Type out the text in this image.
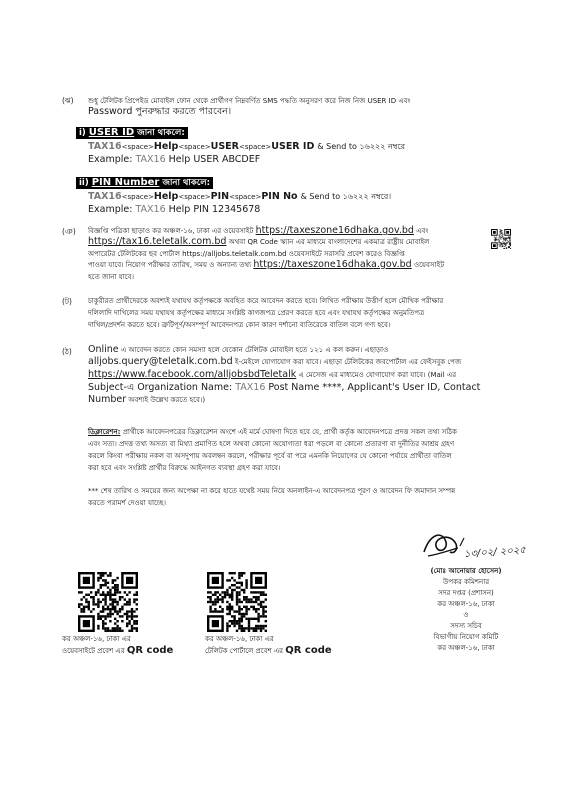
(ঝ) শুধু টেলিটক প্রিপেইড মোবাইল ফোন থেকে প্রার্থীগণ নিম্নবর্ণিত SMS পদ্ধতি অনুসরণ করে নিজ নিজ USER ID এবং
Password পুনরুদ্ধার করতে পারবেন।
i) USER ID জানা থাকলে:
TAX16<space>Help<space>USER<space>USER ID & Send to ১৬২২২ নম্বরে
Example: TAX16 Help USER ABCDEF
ii) PIN Number জানা থাকলে:
TAX16<space>Help<space>PIN<space>PIN No & Send to ১৬২২২ নম্বরে।
Example: TAX16 Help PIN 12345678
(ঞ) বিজ্ঞপ্তি পত্রিকা ছাড়াও কর অঞ্চল-১৬, ঢাকা এর ওয়েবসাইট https://taxeszone16dhaka.gov.bd এবং
https://tax16.teletalk.com.bd অথবা QR Code স্ক্যান এর মাধ্যমে বাংলাদেশের একমাত্র রাষ্ট্রীয় মোবাইল
অপারেটর টেলিটকের ছব পোর্টাল https://alljobs.teletalk.com.bd ওয়েবসাইটে সরাসরি প্রবেশ করেও বিজ্ঞপ্তি
পাওয়া যাবে। নিয়োগ পরীক্ষার তারিখ, সময় ও অন্যান্য তথ্য https://taxeszone16dhaka.gov.bd ওয়েবসাইট
হতে জানা যাবে।
(ট) চাকুরীরত প্রার্থীদেরকে অবশ্যই যথাযথ কর্তৃপক্ষকে অবহিত করে আবেদন করতে হবে। লিখিত পরীক্ষায় উত্তীর্ণ হলে মৌখিক পরীক্ষার
দলিলাদি দাখিলের সময় যথাযথ কর্তৃপক্ষের মাধ্যমে সংশ্লিষ্ট কাগজপত্র প্রেরণ করতে হবে এবং যথাযথ কর্তৃপক্ষের অনুমতিপত্র
দাখিল/প্রদর্শন করতে হবে। ত্রুটিপূর্ণ/অসম্পূর্ণ আবেদনপত্র কোন কারণ দর্শানো ব্যতিরেকে বাতিল বলে গণ্য হবে।
(ঠ) Online এ আবেদন করতে কোন সমস্যা হলে যেকোন টেলিটক মোবাইল হতে ১২১ এ কল করুন। এছাড়াও
alljobs.query@teletalk.com.bd ই-মেইলে যোগাযোগ করা যাবে। এছাড়া টেলিটকের জবপোর্টাল এর ফেইসবুক পেজ
https://www.facebook.com/alljobsbdTeletalk এ মেসেজ এর মাধ্যমেও যোগাযোগ করা যাবে। (Mail এর
Subject-এ Organization Name: TAX16 Post Name ****, Applicant's User ID, Contact
Number অবশ্যই উল্লেখ করতে হবে।)
ডিক্লারেশন: প্রার্থীকে আবেদনপত্রের ডিক্লারেশন অংশে এই মর্মে ঘোষণা দিতে হবে যে, প্রার্থী কর্তৃক আবেদনপত্রে প্রদত্ত সকল তথ্য সঠিক
এবং সত্য। প্রদত্ত তথ্য অসত্য বা মিথ্যা প্রমাণিত হলে অথবা কোনো অযোগ্যতা ধরা পড়লে বা কোনো প্রতারণা বা দুর্নীতির আশ্রয় গ্রহণ
করলে কিংবা পরীক্ষায় নকল বা অসদুপায় অবলম্বন করলে, পরীক্ষার পূর্বে বা পরে এমনকি নিয়োগের যে কোনো পর্যায়ে প্রার্থীতা বাতিল
করা হবে এবং সংশ্লিষ্ট প্রার্থীর বিরুদ্ধে আইনগত ব্যবস্থা গ্রহণ করা যাবে।
*** শেষ তারিখ ও সময়ের জন্য অপেক্ষা না করে হাতে যথেষ্ট সময় নিয়ে অনলাইন-এ আবেদনপত্র পূরণ ও আবেদন ফি জমাদান সম্পন্ন
করতে পরামর্শ দেওয়া যাচ্ছে।
১৩/০২/ ২০২৫
(মোঃ আনোয়ার হোসেন)
উপকর কমিশনার
সদর দপ্তর (প্রশাসন)
কর অঞ্চল-১৬, ঢাকা
ও
সদস্য সচিব
বিভাগীয় নিয়োগ কমিটি
কর অঞ্চল-১৬, ঢাকা
কর অঞ্চল-১৬, ঢাকা এর
ওয়েবসাইটে প্রবেশ এর QR code
কর অঞ্চল-১৬, ঢাকা এর
টেলিটক পোর্টালে প্রবেশ এর QR code
